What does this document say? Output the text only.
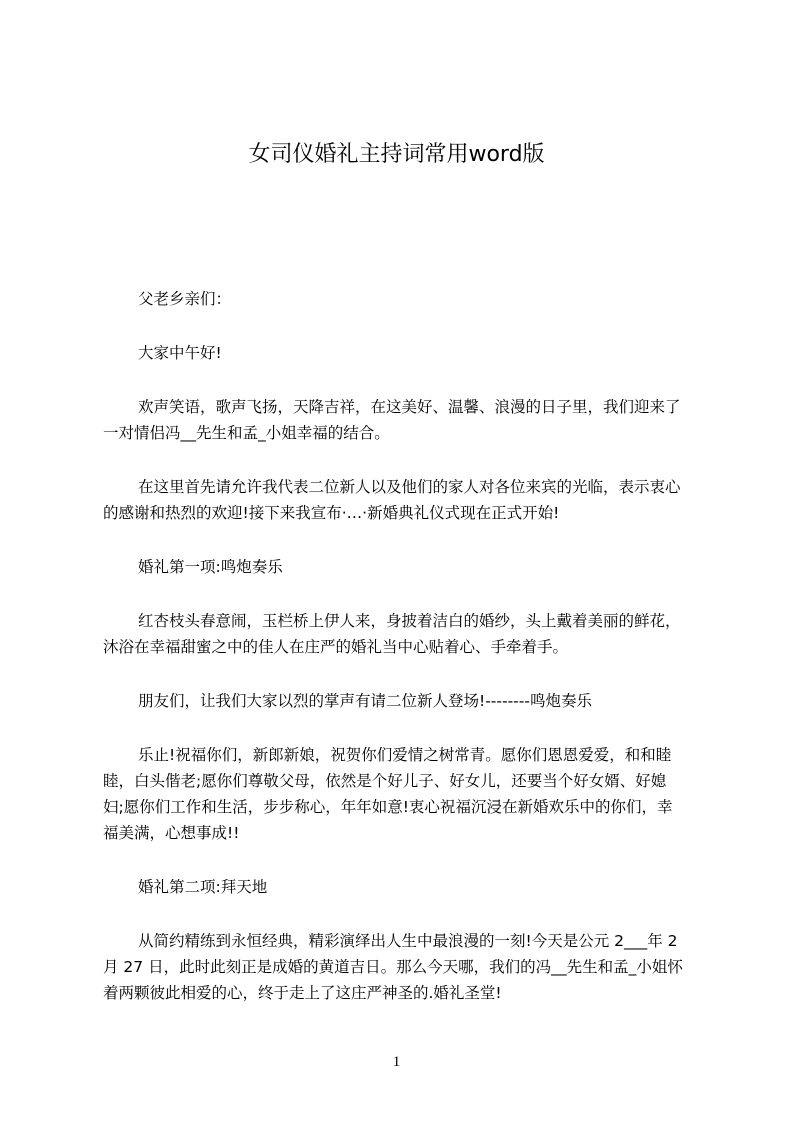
女司仪婚礼主持词常用word版
父老乡亲们：
大家中午好!
欢声笑语，歌声飞扬，天降吉祥，在这美好、温馨、浪漫的日子里，我们迎来了
一对情侣冯__先生和孟_小姐幸福的结合。
在这里首先请允许我代表二位新人以及他们的家人对各位来宾的光临，表示衷心
的感谢和热烈的欢迎!接下来我宣布·…·新婚典礼仪式现在正式开始!
婚礼第一项:鸣炮奏乐
红杏枝头春意闹，玉栏桥上伊人来，身披着洁白的婚纱，头上戴着美丽的鲜花，
沐浴在幸福甜蜜之中的佳人在庄严的婚礼当中心贴着心、手牵着手。
朋友们，让我们大家以烈的掌声有请二位新人登场!--------鸣炮奏乐
乐止!祝福你们，新郎新娘，祝贺你们爱情之树常青。愿你们恩恩爱爱，和和睦
睦，白头偕老;愿你们尊敬父母，依然是个好儿子、好女儿，还要当个好女婿、好媳
妇;愿你们工作和生活，步步称心，年年如意!衷心祝福沉浸在新婚欢乐中的你们，幸
福美满，心想事成!!
婚礼第二项:拜天地
从简约精练到永恒经典，精彩演绎出人生中最浪漫的一刻!今天是公元 2___年 2
月 27 日，此时此刻正是成婚的黄道吉日。那么今天哪，我们的冯__先生和孟_小姐怀
着两颗彼此相爱的心，终于走上了这庄严神圣的.婚礼圣堂!
1
